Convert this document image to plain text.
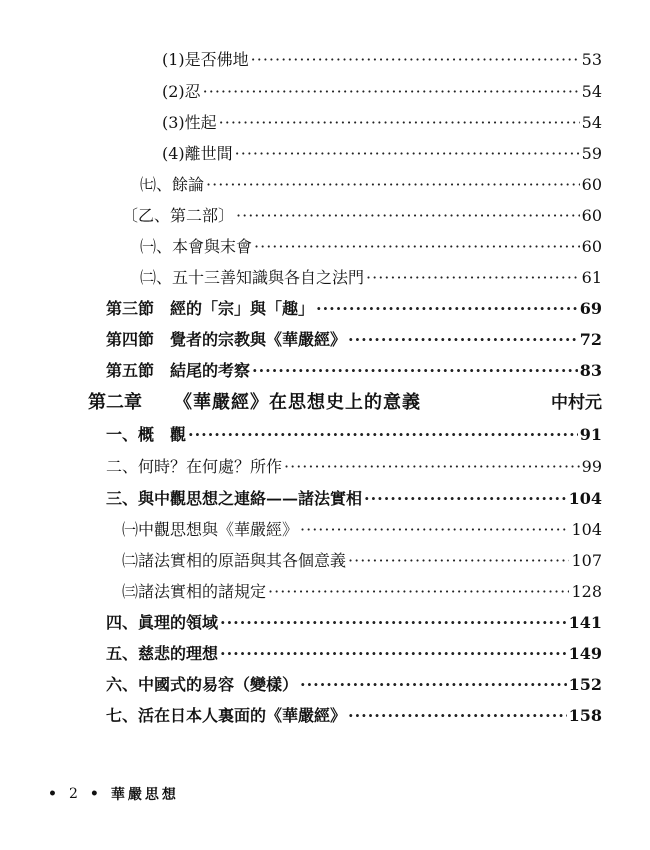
(1)是否佛地 ·····	53
(2)忍 ·····	54
(3)性起 ·····	54
(4)離世間 ·····	59
㈦、餘論 ·····	60
〔乙、第二部〕 ·····	60
㈠、本會與末會 ·····	60
㈡、五十三善知識與各自之法門 ·····	61
第三節　經的「宗」與「趣」 ·····	69
第四節　覺者的宗教與《華嚴經》 ·····	72
第五節　結尾的考察 ·····	83
第二章 《華嚴經》在思想史上的意義	中村元
一、概　觀 ·····	91
二、何時？在何處？所作 ·····	99
三、與中觀思想之連絡——諸法實相 ·····	104
㈠中觀思想與《華嚴經》 ·····	104
㈡諸法實相的原語與其各個意義 ·····	107
㈢諸法實相的諸規定 ·····	128
四、眞理的領域 ·····	141
五、慈悲的理想 ·····	149
六、中國式的易容（變樣） ·····	152
七、活在日本人裏面的《華嚴經》 ·····	158
• 2 • 華嚴思想
